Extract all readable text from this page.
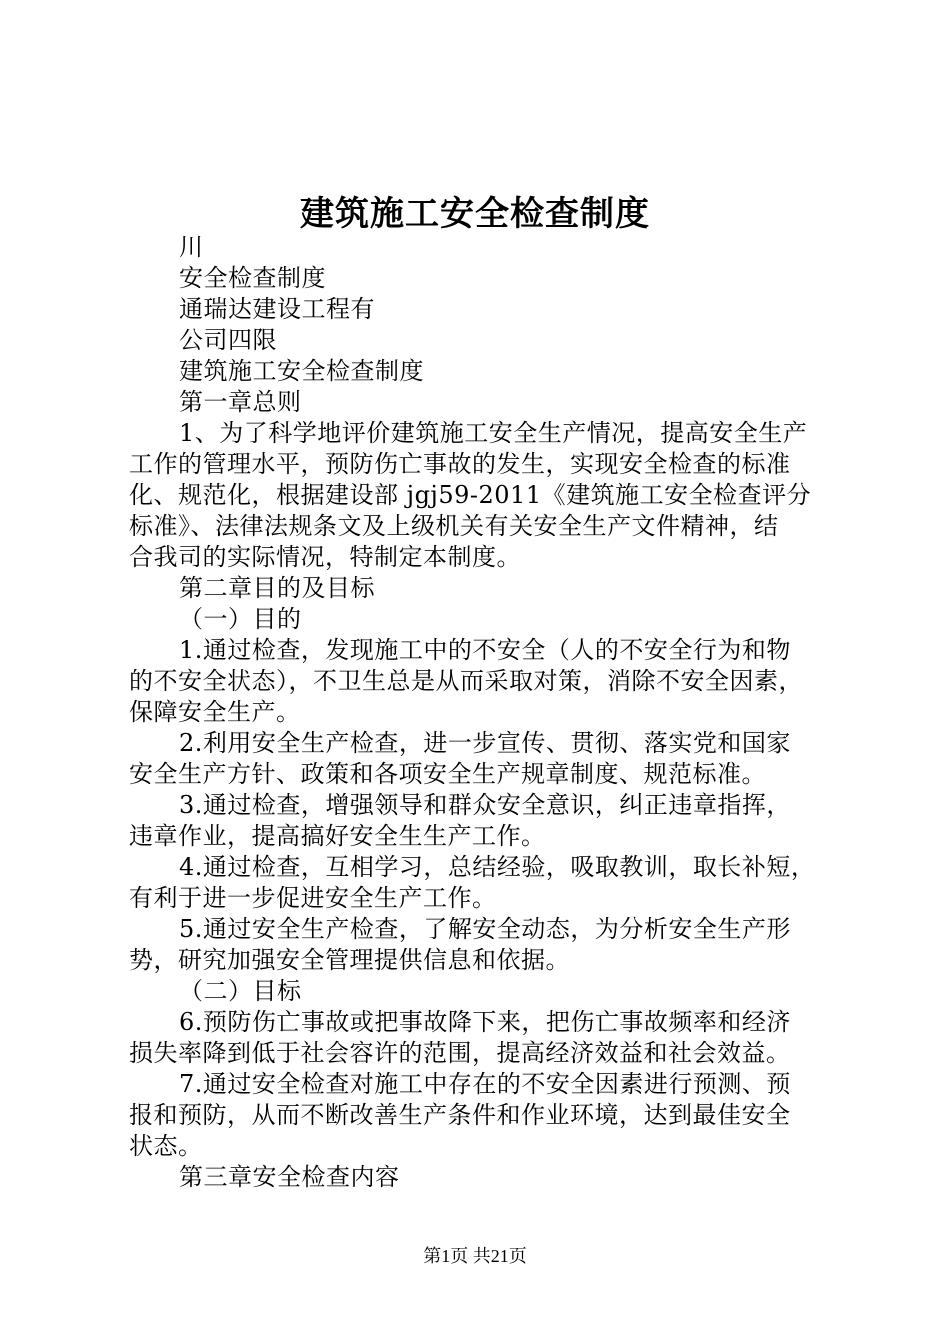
建筑施工安全检查制度
川
安全检查制度
通瑞达建设工程有
公司四限
建筑施工安全检查制度
第一章总则
1、为了科学地评价建筑施工安全生产情况，提高安全生产
工作的管理水平，预防伤亡事故的发生，实现安全检查的标准
化、规范化，根据建设部 jgj59-2011《建筑施工安全检查评分
标准》、法律法规条文及上级机关有关安全生产文件精神，结
合我司的实际情况，特制定本制度。
第二章目的及目标
（一）目的
1.通过检查，发现施工中的不安全（人的不安全行为和物
的不安全状态），不卫生总是从而采取对策，消除不安全因素，
保障安全生产。
2.利用安全生产检查，进一步宣传、贯彻、落实党和国家
安全生产方针、政策和各项安全生产规章制度、规范标准。
3.通过检查，增强领导和群众安全意识，纠正违章指挥，
违章作业，提高搞好安全生生产工作。
4.通过检查，互相学习，总结经验，吸取教训，取长补短，
有利于进一步促进安全生产工作。
5.通过安全生产检查，了解安全动态，为分析安全生产形
势，研究加强安全管理提供信息和依据。
（二）目标
6.预防伤亡事故或把事故降下来，把伤亡事故频率和经济
损失率降到低于社会容许的范围，提高经济效益和社会效益。
7.通过安全检查对施工中存在的不安全因素进行预测、预
报和预防，从而不断改善生产条件和作业环境，达到最佳安全
状态。
第三章安全检查内容
第1页 共21页
